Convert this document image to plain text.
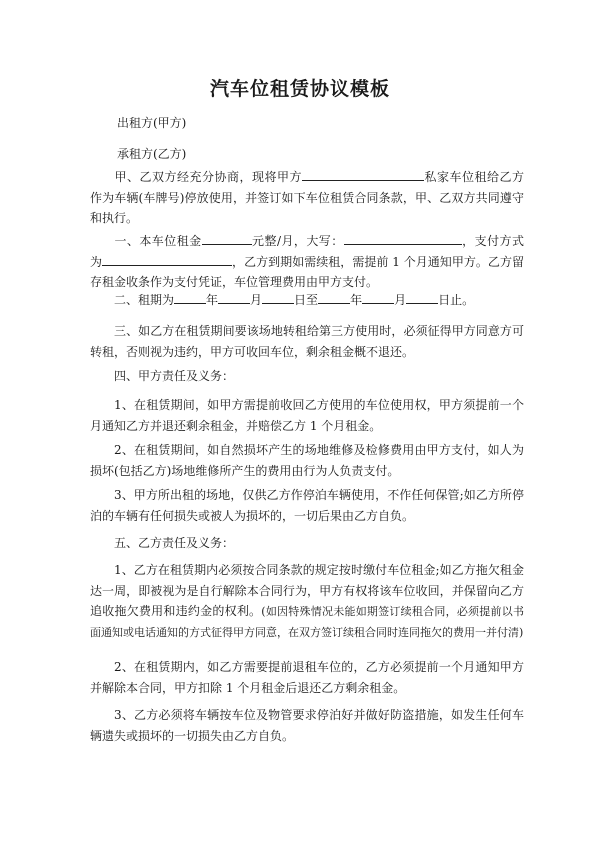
汽车位租赁协议模板
出租方(甲方)
承租方(乙方)
甲、乙双方经充分协商，现将甲方	私家车位租给乙方作为车辆(车牌号)停放使用，并签订如下车位租赁合同条款，甲、乙双方共同遵守和执行。
一、本车位租金	元整/月，大写：	，支付方式为	，乙方到期如需续租，需提前 1 个月通知甲方。乙方留存租金收条作为支付凭证，车位管理费用由甲方支付。
二、租期为	年	月	日至	年	月	日止。
三、如乙方在租赁期间要该场地转租给第三方使用时，必须征得甲方同意方可转租，否则视为违约，甲方可收回车位，剩余租金概不退还。
四、甲方责任及义务：
1、在租赁期间，如甲方需提前收回乙方使用的车位使用权，甲方须提前一个月通知乙方并退还剩余租金，并赔偿乙方 1 个月租金。
2、在租赁期间，如自然损坏产生的场地维修及检修费用由甲方支付，如人为损坏(包括乙方)场地维修所产生的费用由行为人负责支付。
3、甲方所出租的场地，仅供乙方作停泊车辆使用，不作任何保管;如乙方所停泊的车辆有任何损失或被人为损坏的，一切后果由乙方自负。
五、乙方责任及义务：
1、乙方在租赁期内必须按合同条款的规定按时缴付车位租金;如乙方拖欠租金达一周，即被视为是自行解除本合同行为，甲方有权将该车位收回，并保留向乙方追收拖欠费用和违约金的权利。(如因特殊情况未能如期签订续租合同，必须提前以书面通知或电话通知的方式征得甲方同意，在双方签订续租合同时连同拖欠的费用一并付清)
2、在租赁期内，如乙方需要提前退租车位的，乙方必须提前一个月通知甲方并解除本合同，甲方扣除 1 个月租金后退还乙方剩余租金。
3、乙方必须将车辆按车位及物管要求停泊好并做好防盗措施，如发生任何车辆遗失或损坏的一切损失由乙方自负。
